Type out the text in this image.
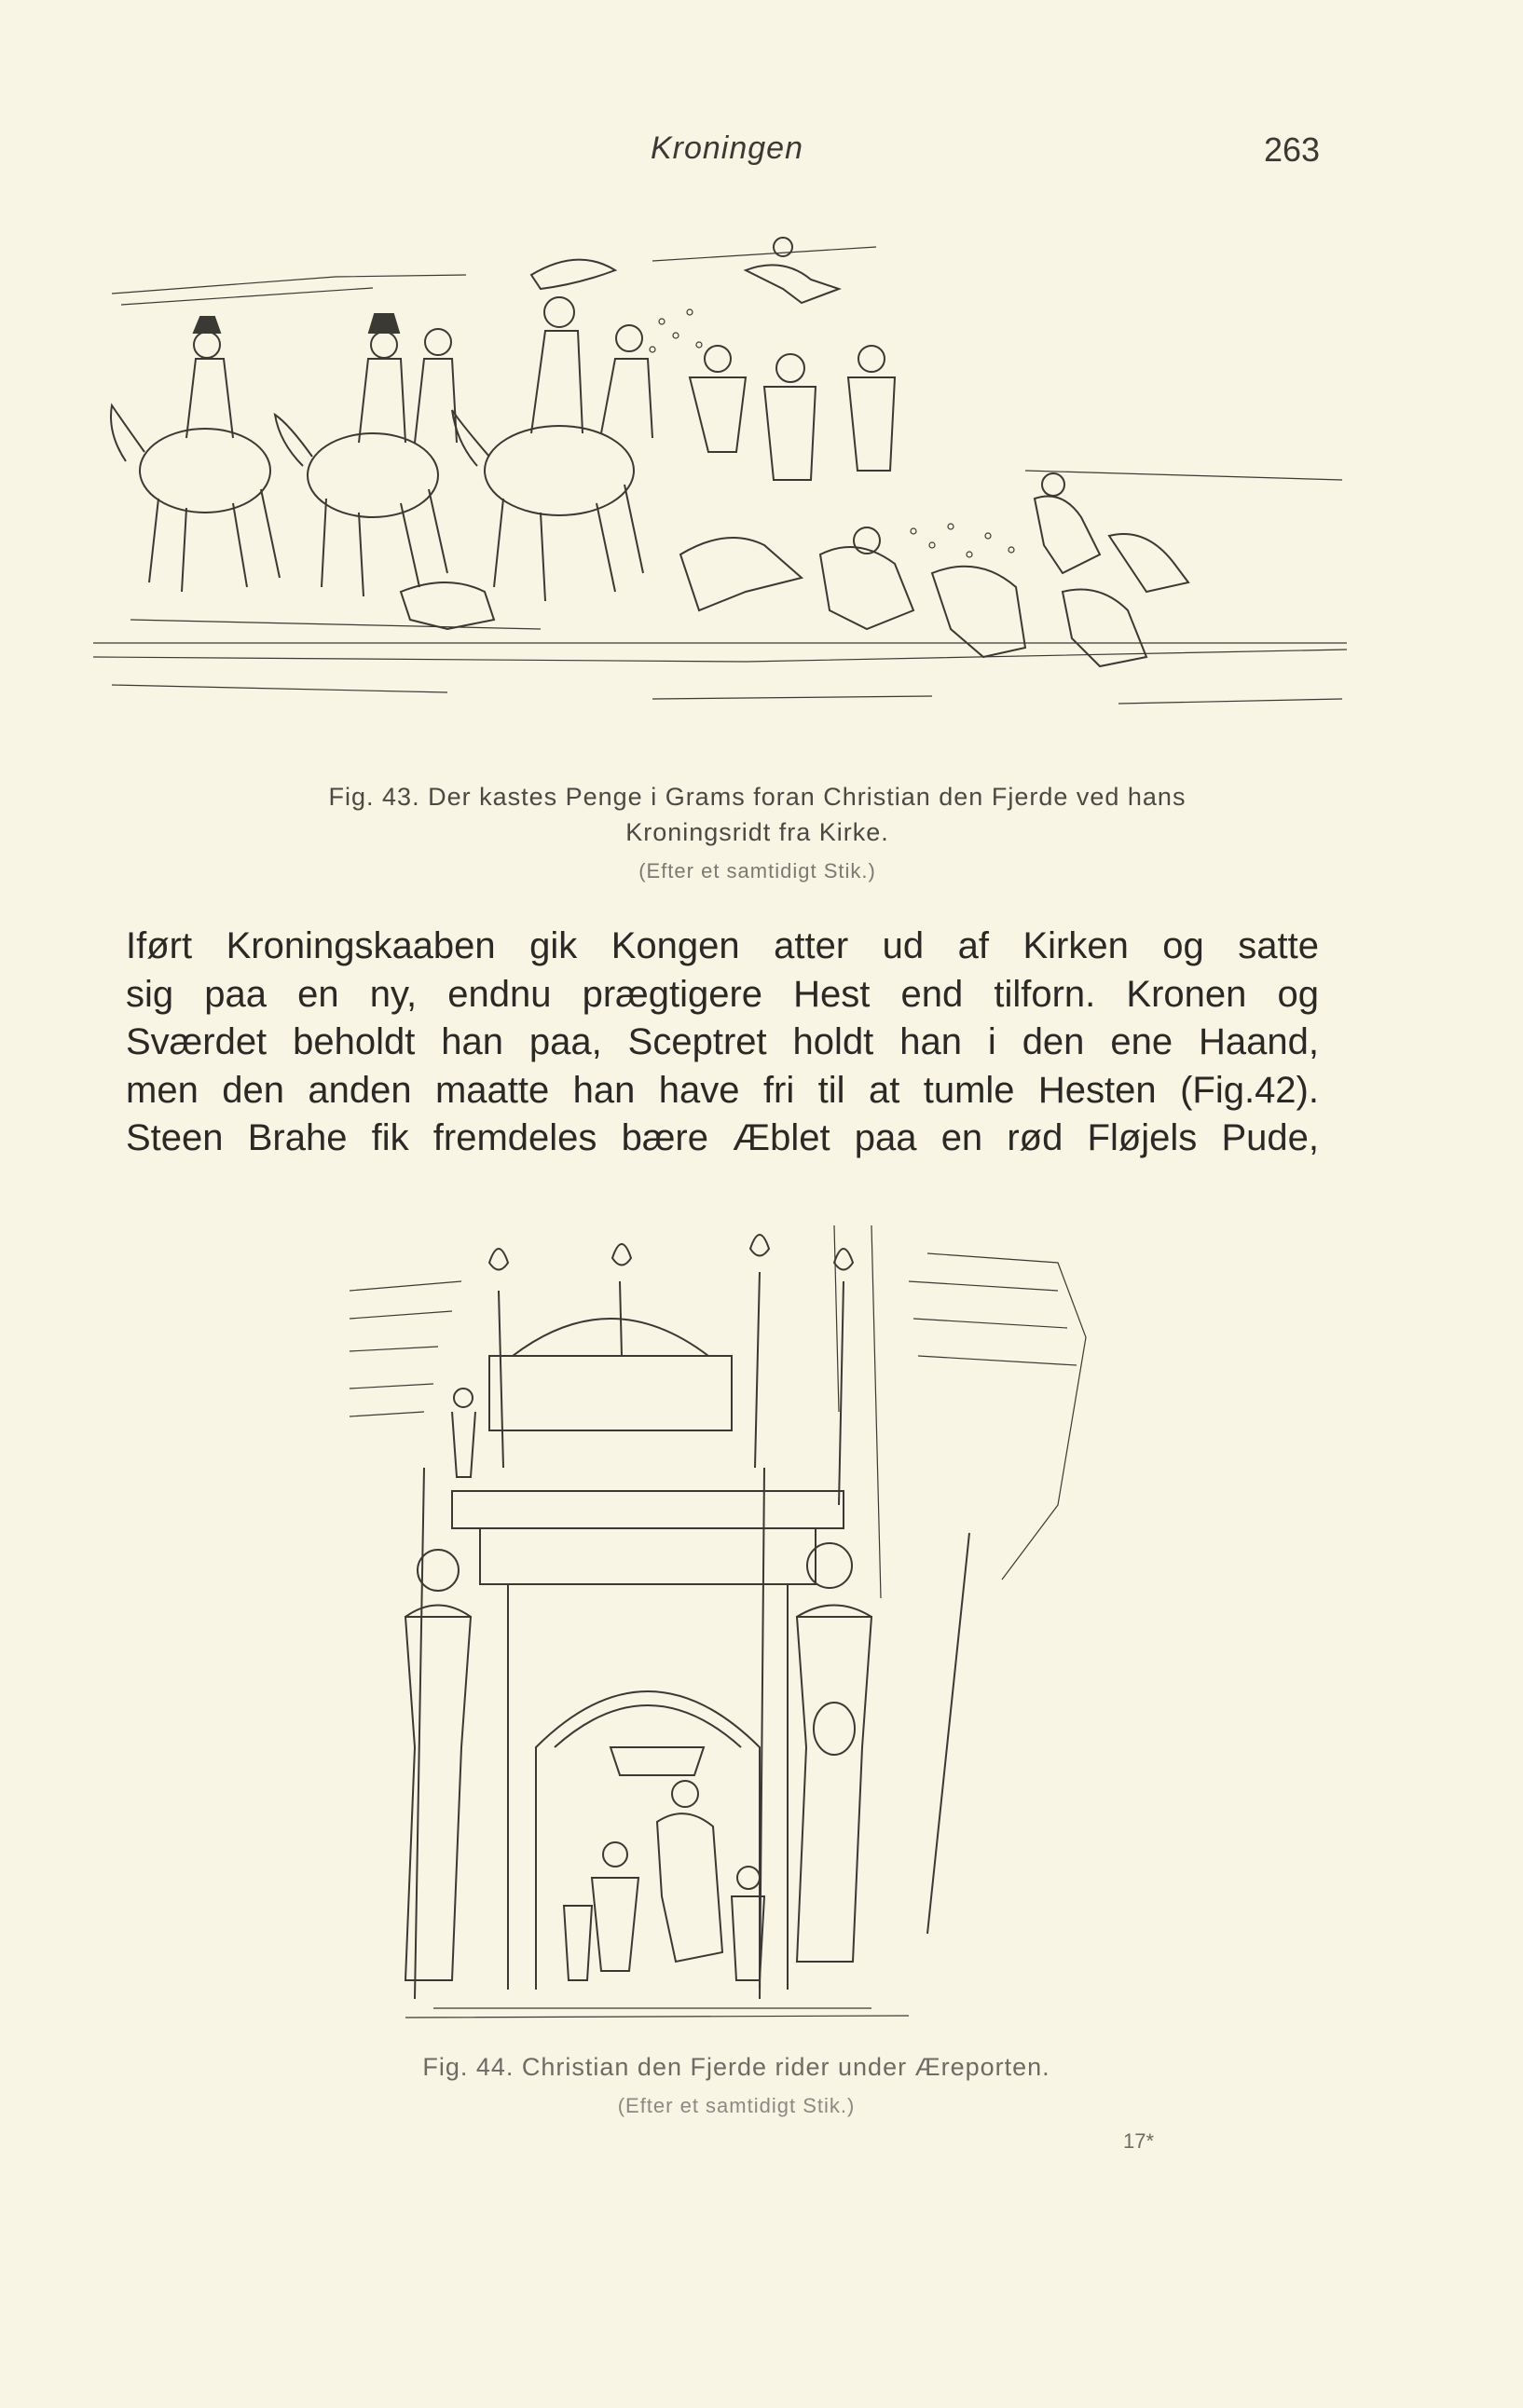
Kroningen	263
Fig. 43. Der kastes Penge i Grams foran Christian den Fjerde ved hans
Kroningsridt fra Kirke.
(Efter et samtidigt Stik.)
Iført Kroningskaaben gik Kongen atter ud af Kirken og satte
sig paa en ny, endnu prægtigere Hest end tilforn. Kronen og
Sværdet beholdt han paa, Sceptret holdt han i den ene Haand,
men den anden maatte han have fri til at tumle Hesten (Fig.42).
Steen Brahe fik fremdeles bære Æblet paa en rød Fløjels Pude,
Fig. 44. Christian den Fjerde rider under Æreporten.
(Efter et samtidigt Stik.)
17*
